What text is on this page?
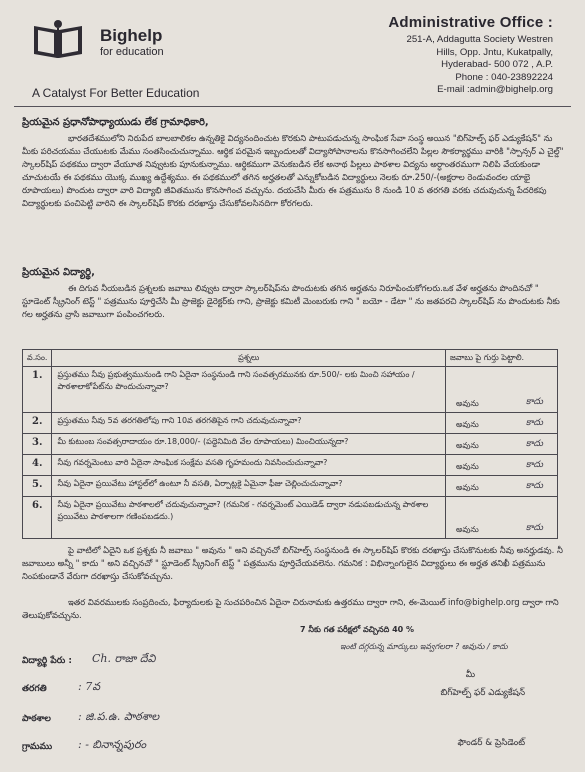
Bighelp
for education
A Catalyst For Better Education
Administrative Office :
251-A, Addagutta Society Westren
Hills, Opp. Jntu, Kukatpally,
Hyderabad- 500 072 , A.P.
Phone : 040-23892224
E-mail :admin@bighelp.org
ప్రియమైన ప్రధానోపాధ్యాయుడు లేక గ్రామాధికారి,
భారతదేశములోని నిరుపేద బాలబాలికల ఉన్నతికై విద్యనందించుట కొరకుని పాటుపడుచున్న సాంఘిక సేవా సంస్థ అయిన "బిగ్‌హెల్ప్ ఫర్ ఎడ్యుకేషన్" ను మీకు పరిచయము చేయుటకు మేము సంతసించుచున్నాము. ఆర్థిక పరమైన ఇబ్బందులతో విద్యాసోపానాలను కొనసాగించలేని పిల్లల సౌకర్యార్థము వారికి "స్పాన్సర్ ఎ చైల్డ్" స్కాలర్‌షిప్ పథకము ద్వారా వేయూత నివ్వుటకు పూనుకున్నాము. ఆర్థికముగా వెనుకబడిన లేక అనాథ పిల్లలు పాఠశాల విద్యను అర్ధాంతరముగా నిలిపి వేయకుండా చూచుటయే ఈ పథకము యొక్క ముఖ్య ఉద్దేశ్యము. ఈ పథకములో తగిన అర్హతలతో ఎన్నుకోబడిన విద్యార్థులు నెలకు రూ.250/-(అక్షరాల రెండువందల యాభై రూపాయలు) పొందుట ద్వారా వారి విద్యాభి జీవితమును కొనసాగించ వచ్చును. దయచేసి మీరు ఈ పత్రమును 8 నుండి 10 వ తరగతి వరకు చదువుచున్న పేదరికపు విద్యార్థులకు పంచిపెట్టి వారిని ఈ స్కాలర్‌షిప్ కొరకు దరఖాస్తు చేసుకోవలసినదిగా కోరగలరు.
ప్రియమైన విద్యార్థి,
ఈ దిగువ నీయబడిన ప్రశ్నలకు జవాబు లివ్వుట ద్వారా స్కాలర్‌షిప్‌ను పొందుటకు తగిన అర్హతను నిరూపించుకోగలరు.ఒక వేళ అర్హతను పొందినచో " స్టూడెంట్ స్క్రీనింగ్ టెస్ట్ " పత్రమును పూర్తిచేసి మీ ప్రాజెక్టు డైరెక్టర్‌కు గాని, ప్రాజెక్టు కమిటీ మెంబరుకు గాని " బయో - డేటా " ను జతపరచి స్కాలర్‌షిప్ ను పొందుటకు నీకు గల అర్హతను వ్రాసి జవాబుగా పంపించగలరు.
వ.సం.	ప్రశ్నలు	జవాబు పై గుర్తు పెట్టాలి.

1.	ప్రస్తుతము నీవు ప్రభుత్వమునుండి గాని ఏదైనా సంస్థనుండి గాని సంవత్సరమునకు రూ.500/- లకు మించి సహాయం / పాఠశాలాకోపేట్‌ను పొందుచున్నావా?	అవును కాదు

2.	ప్రస్తుతము నీవు 5వ తరగతిలోపు గాని 10వ తరగతిపైన గాని చదువుచున్నావా?	అవును కాదు

3.	మీ కుటుంబ సంవత్సరాదాయం రూ.18,000/- (పద్దెనిమిది వేల రూపాయలు) మించియున్నదా?	అవును కాదు

4.	నీవు గవర్నమెంటు వారి ఏదైనా సాంఘిక సంక్షేమ వసతి గృహమందు నివసించుచున్నావా?	అవును కాదు

5.	నీవు ఏదైనా ప్రయివేటు హాస్టల్‌లో ఉంటూ నీ వసతి, ఏర్పాట్లకై ఏమైనా ఫీజు చెల్లించుచున్నావా?	అవును కాదు

6.	నీవు ఏదైనా ప్రయివేటు పాఠశాలలో చదువుచున్నావా? (గమనిక - గవర్నమెంట్ ఎయిడెడ్ ద్వారా నడుపబడుచున్న పాఠశాల ప్రయివేటు పాఠశాలగా గణింపబడదు.)	అవును కాదు
పై వాటిలో ఏదైని ఒక ప్రశ్నకు నీ జవాబు " అవును " అని వచ్చినచో బిగ్‌హెల్ప్ సంస్థనుండి ఈ స్కాలర్‌షిప్ కొరకు దరఖాస్తు చేసుకొనుటకు నీవు అనర్హుడవు. నీ జవాబులు అన్నీ " కాదు " అని వచ్చినచో " స్టూడెంట్ స్క్రీనింగ్ టెస్ట్ " పత్రమును పూర్తిచేయవలెను. గమనిక : విభిన్నాంగులైన విద్యార్థులు ఈ అర్హత తనిఖీ పత్రమును నింపకుండానే వేరుగా దరఖాస్తు చేసుకోవచ్చును.
ఇతర వివరములకు సంప్రదించు, ఫిర్యాదులకు పై సుచపరించిన ఏదైనా చిరునామకు ఉత్తరము ద్వారా గాని, ఈ-మెయిల్ info@bighelp.org ద్వారా గాని తెలుపుకోవచ్చును.
7 నీకు గత పరీక్షలో వచ్చినది 40 %
ఇంటి దగ్గరున్న మార్కులు ఇవ్వగలరా ? అవును / కాదు
విద్యార్థి పేరు : Ch. రాజా దేవి
తరగతి	: 7వ
పాఠశాల : జి.ప.ఉ. పాఠశాల
గ్రామము : - బినాన్నపురం
మీ
బిగ్‌హెల్ప్ ఫర్ ఎడ్యుకేషన్
ఫౌండర్ & ప్రెసిడెంట్
